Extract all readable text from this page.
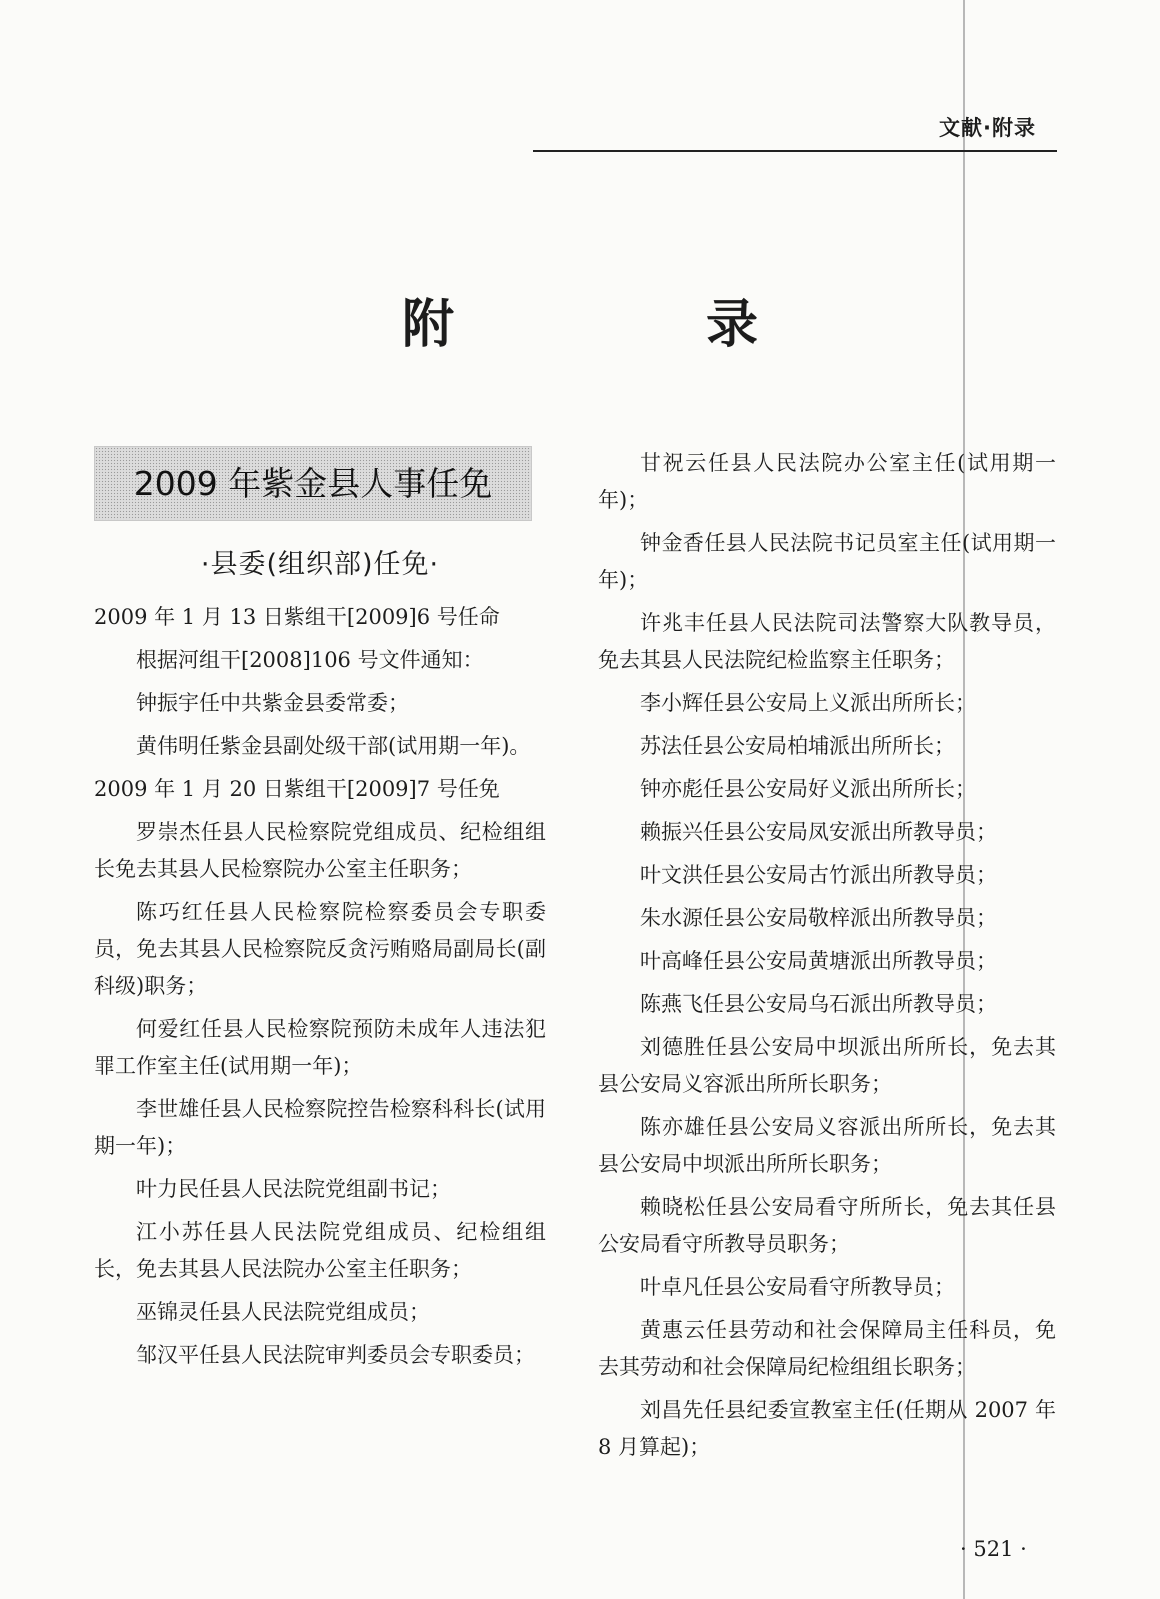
文献·附录
附　录
2009 年紫金县人事任免
·县委(组织部)任免·

2009 年 1 月 13 日紫组干[2009]6 号任命

根据河组干[2008]106 号文件通知：

钟振宇任中共紫金县委常委；

黄伟明任紫金县副处级干部(试用期一年)。

2009 年 1 月 20 日紫组干[2009]7 号任免

罗崇杰任县人民检察院党组成员、纪检组组长免去其县人民检察院办公室主任职务；

陈巧红任县人民检察院检察委员会专职委员，免去其县人民检察院反贪污贿赂局副局长(副科级)职务；

何爱红任县人民检察院预防未成年人违法犯罪工作室主任(试用期一年)；

李世雄任县人民检察院控告检察科科长(试用期一年)；

叶力民任县人民法院党组副书记；

江小苏任县人民法院党组成员、纪检组组长，免去其县人民法院办公室主任职务；

巫锦灵任县人民法院党组成员；

邹汉平任县人民法院审判委员会专职委员；

甘祝云任县人民法院办公室主任(试用期一年)；

钟金香任县人民法院书记员室主任(试用期一年)；

许兆丰任县人民法院司法警察大队教导员，免去其县人民法院纪检监察主任职务；

李小辉任县公安局上义派出所所长；

苏法任县公安局柏埔派出所所长；

钟亦彪任县公安局好义派出所所长；

赖振兴任县公安局凤安派出所教导员；

叶文洪任县公安局古竹派出所教导员；

朱水源任县公安局敬梓派出所教导员；

叶高峰任县公安局黄塘派出所教导员；

陈燕飞任县公安局乌石派出所教导员；

刘德胜任县公安局中坝派出所所长，免去其县公安局义容派出所所长职务；

陈亦雄任县公安局义容派出所所长，免去其县公安局中坝派出所所长职务；

赖晓松任县公安局看守所所长，免去其任县公安局看守所教导员职务；

叶卓凡任县公安局看守所教导员；

黄惠云任县劳动和社会保障局主任科员，免去其劳动和社会保障局纪检组组长职务；

刘昌先任县纪委宣教室主任(任期从 2007 年 8 月算起)；

· 521 ·
